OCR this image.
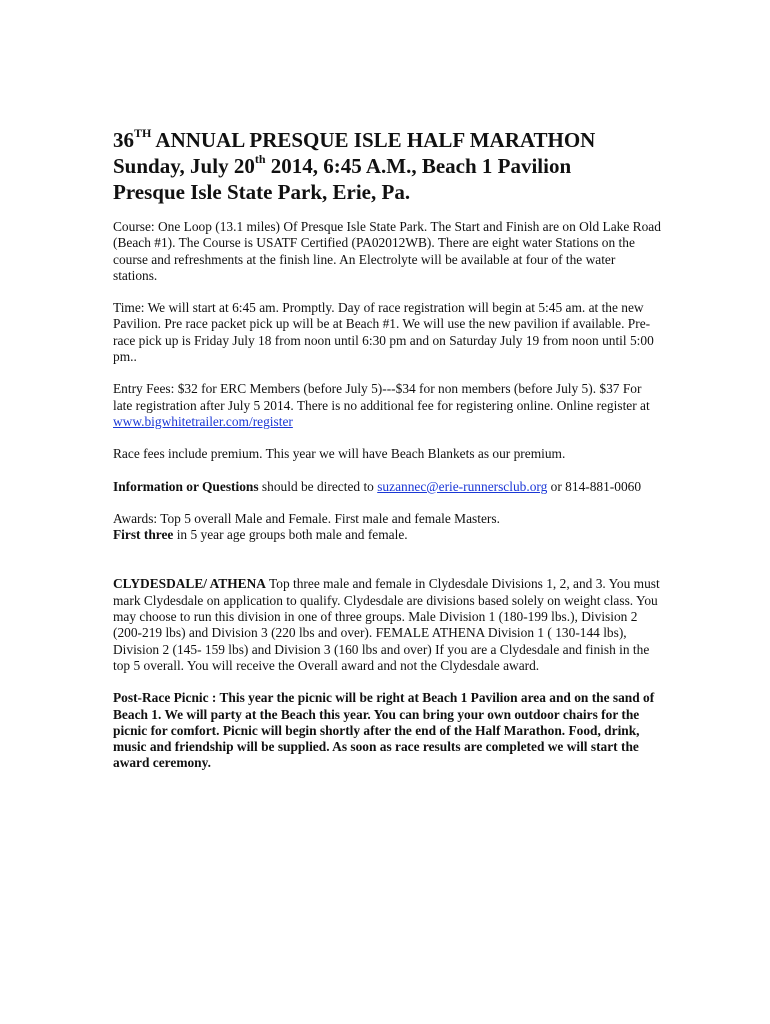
36TH ANNUAL PRESQUE ISLE HALF MARATHON
Sunday, July 20th 2014, 6:45 A.M., Beach 1 Pavilion
Presque Isle State Park, Erie, Pa.

Course: One Loop (13.1 miles) Of Presque Isle State Park. The Start and Finish are on Old Lake Road (Beach #1). The Course is USATF Certified (PA02012WB). There are eight water Stations on the course and refreshments at the finish line. An Electrolyte will be available at four of the water stations.

Time: We will start at 6:45 am. Promptly. Day of race registration will begin at 5:45 am. at the new Pavilion. Pre race packet pick up will be at Beach #1. We will use the new pavilion if available. Pre-race pick up is Friday July 18 from noon until 6:30 pm and on Saturday July 19 from noon until 5:00 pm..

Entry Fees: $32 for ERC Members (before July 5)---$34 for non members (before July 5). $37 For late registration after July 5 2014. There is no additional fee for registering online. Online register at www.bigwhitetrailer.com/register

Race fees include premium. This year we will have Beach Blankets as our premium.

Information or Questions should be directed to suzannec@erie-runnersclub.org or 814-881-0060

Awards: Top 5 overall Male and Female. First male and female Masters.
First three in 5 year age groups both male and female.

CLYDESDALE/ ATHENA Top three male and female in Clydesdale Divisions 1, 2, and 3. You must mark Clydesdale on application to qualify. Clydesdale are divisions based solely on weight class. You may choose to run this division in one of three groups. Male Division 1 (180-199 lbs.), Division 2 (200-219 lbs) and Division 3 (220 lbs and over). FEMALE ATHENA Division 1 ( 130-144 lbs), Division 2 (145- 159 lbs) and Division 3 (160 lbs and over) If you are a Clydesdale and finish in the top 5 overall. You will receive the Overall award and not the Clydesdale award.

Post-Race Picnic : This year the picnic will be right at Beach 1 Pavilion area and on the sand of Beach 1. We will party at the Beach this year. You can bring your own outdoor chairs for the picnic for comfort. Picnic will begin shortly after the end of the Half Marathon. Food, drink, music and friendship will be supplied. As soon as race results are completed we will start the award ceremony.
